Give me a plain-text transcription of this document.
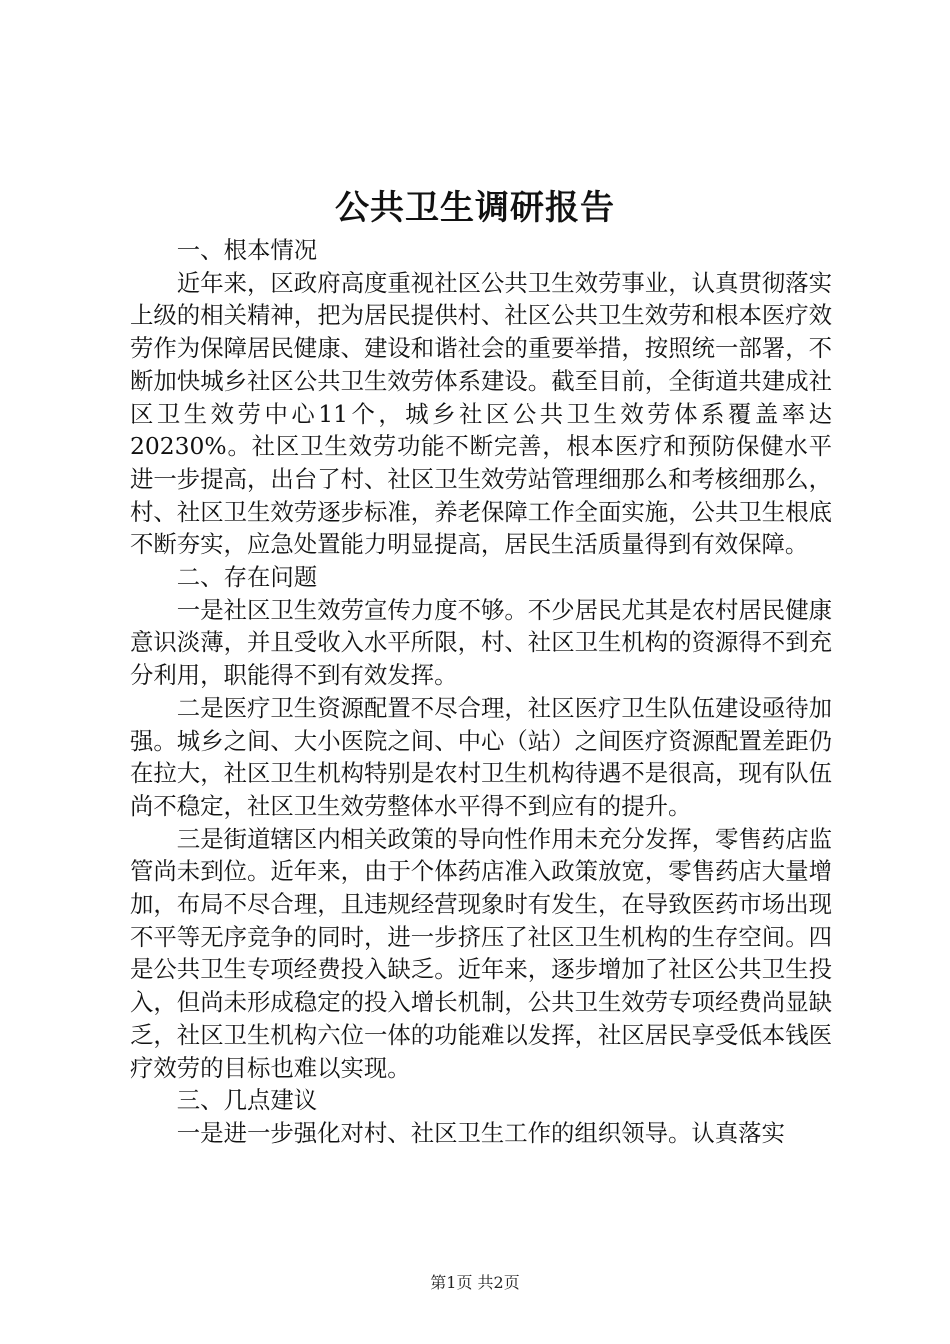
公共卫生调研报告

一、根本情况

近年来，区政府高度重视社区公共卫生效劳事业，认真贯彻落实上级的相关精神，把为居民提供村、社区公共卫生效劳和根本医疗效劳作为保障居民健康、建设和谐社会的重要举措，按照统一部署，不断加快城乡社区公共卫生效劳体系建设。截至目前，全街道共建成社区卫生效劳中心11个，城乡社区公共卫生效劳体系覆盖率达20230%。社区卫生效劳功能不断完善，根本医疗和预防保健水平进一步提高，出台了村、社区卫生效劳站管理细那么和考核细那么，村、社区卫生效劳逐步标准，养老保障工作全面实施，公共卫生根底不断夯实，应急处置能力明显提高，居民生活质量得到有效保障。

二、存在问题

一是社区卫生效劳宣传力度不够。不少居民尤其是农村居民健康意识淡薄，并且受收入水平所限，村、社区卫生机构的资源得不到充分利用，职能得不到有效发挥。

二是医疗卫生资源配置不尽合理，社区医疗卫生队伍建设亟待加强。城乡之间、大小医院之间、中心（站）之间医疗资源配置差距仍在拉大，社区卫生机构特别是农村卫生机构待遇不是很高，现有队伍尚不稳定，社区卫生效劳整体水平得不到应有的提升。

三是街道辖区内相关政策的导向性作用未充分发挥，零售药店监管尚未到位。近年来，由于个体药店准入政策放宽，零售药店大量增加，布局不尽合理，且违规经营现象时有发生，在导致医药市场出现不平等无序竞争的同时，进一步挤压了社区卫生机构的生存空间。四是公共卫生专项经费投入缺乏。近年来，逐步增加了社区公共卫生投入，但尚未形成稳定的投入增长机制，公共卫生效劳专项经费尚显缺乏，社区卫生机构六位一体的功能难以发挥，社区居民享受低本钱医疗效劳的目标也难以实现。

三、几点建议

一是进一步强化对村、社区卫生工作的组织领导。认真落实

第1页 共2页
